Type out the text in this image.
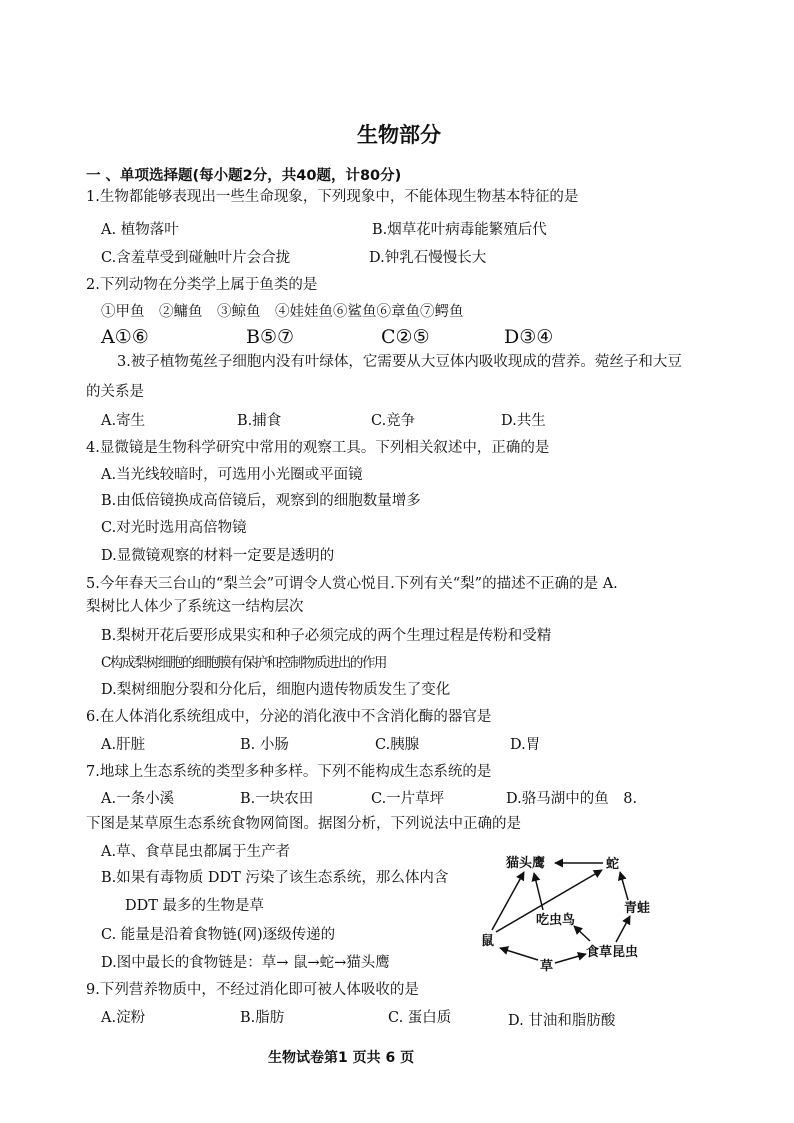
生物部分
一 、单项选择题(每小题2分，共40题，计80分)
1.生物都能够表现出一些生命现象，下列现象中，不能体现生物基本特征的是
A. 植物落叶	B.烟草花叶病毒能繁殖后代
C.含羞草受到碰触叶片会合拢	D.钟乳石慢慢长大
2.下列动物在分类学上属于鱼类的是
①甲鱼　②鳙鱼　③鲸鱼　④娃娃鱼⑥鲨鱼⑥章鱼⑦鳄鱼
A①⑥	B⑤⑦	C②⑤	D③④
3.被子植物菟丝子细胞内没有叶绿体，它需要从大豆体内吸收现成的营养。菀丝子和大豆
的关系是
A.寄生	B.捕食	C.竞争	D.共生
4.显微镜是生物科学研究中常用的观察工具。下列相关叙述中，正确的是
A.当光线较暗时，可选用小光圈或平面镜
B.由低倍镜换成高倍镜后，观察到的细胞数量增多
C.对光时选用高倍物镜
D.显微镜观察的材料一定要是透明的
5.今年春天三台山的“梨兰会”可谓令人赏心悦目.下列有关“梨”的描述不正确的是 A.
梨树比人体少了系统这一结构层次
B.梨树开花后要形成果实和种子必须完成的两个生理过程是传粉和受精
C构成梨树细胞的细胞膜有保护和控制物质进出的作用
D.梨树细胞分裂和分化后，细胞内遗传物质发生了变化
6.在人体消化系统组成中，分泌的消化液中不含消化酶的器官是
A.肝脏	B. 小肠	C.胰腺	D.胃
7.地球上生态系统的类型多种多样。下列不能构成生态系统的是
A.一条小溪	B.一块农田	C.一片草坪	D.骆马湖中的鱼　8.
下图是某草原生态系统食物网简图。据图分析，下列说法中正确的是
A.草、食草昆虫都属于生产者
B.如果有毒物质 DDT 污染了该生态系统，那么体内含
DDT 最多的生物是草
C. 能量是沿着食物链(网)逐级传递的
D.图中最长的食物链是：草→ 鼠→蛇→猫头鹰
猫头鹰	蛇
青蛙
吃虫鸟
鼠
草
食草昆虫
9.下列营养物质中，不经过消化即可被人体吸收的是
A.淀粉	B.脂肪	C. 蛋白质	D. 甘油和脂肪酸
生物试卷第1 页共 6 页
